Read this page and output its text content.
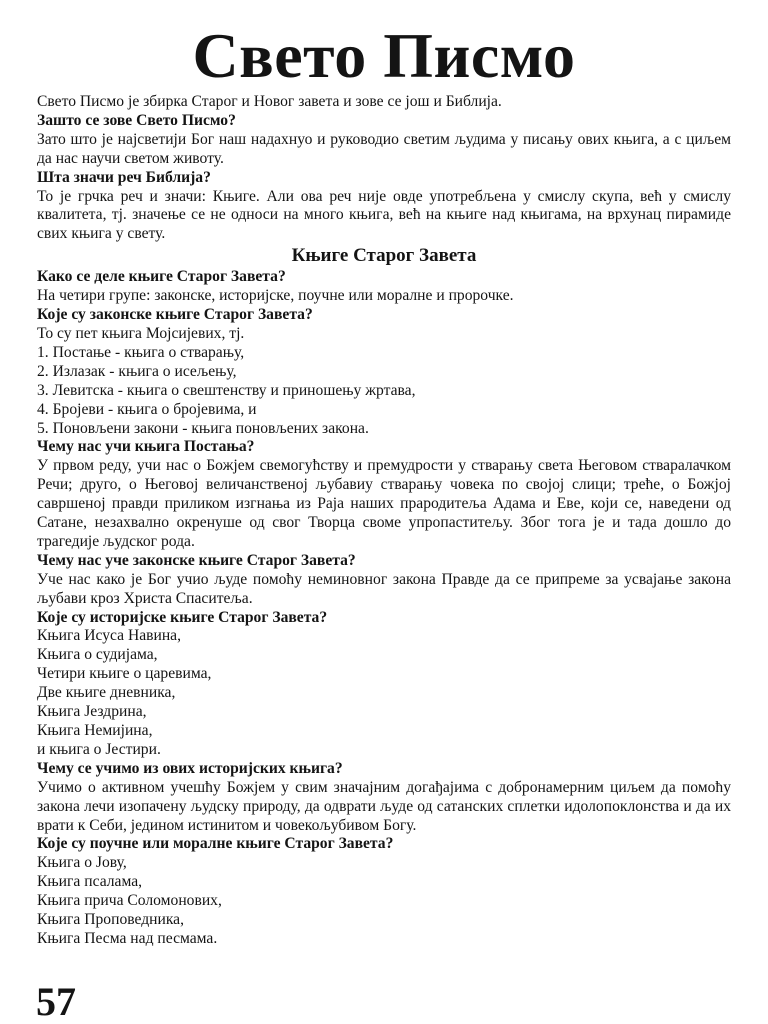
Свето Писмо

Свето Писмо је збирка Старог и Новог завета и зове се још и Библија.

Зашто се зове Свето Писмо?

Зато што је најсветији Бог наш надахнуо и руководио светим људима у писању ових књига, а с циљем да нас научи светом животу.

Шта значи реч Библија?

То је грчка реч и значи: Књиге. Али ова реч није овде употребљена у смислу скупа, већ у смислу квалитета, тј. значење се не односи на много књига, већ на књиге над књигама, на врхунац пирамиде свих књига у свету.

Књиге Старог Завета

Како се деле књиге Старог Завета?

На четири групе: законске, историјске, поучне или моралне и пророчке.

Које су законске књиге Старог Завета?

То су пет књига Мојсијевих, тј.

1. Постање - књига о стварању,

2. Излазак - књига о исељењу,

3. Левитска - књига о свештенству и приношењу жртава,

4. Бројеви - књига о бројевима, и

5. Поновљени закони - књига поновљених закона.

Чему нас учи књига Постања?

У првом реду, учи нас о Божјем свемогућству и премудрости у стварању света Његовом стваралачком Речи; друго, о Његовој величанственој љубавиу стварању човека по својој слици; треће, о Божјој савршеној правди приликом изгнања из Раја наших прародитеља Адама и Еве, који се, наведени од Сатане, незахвално окренуше од свог Творца своме упропаститељу. Због тога је и тада дошло до трагедије људског рода.

Чему нас уче законске књиге Старог Завета?

Уче нас како је Бог учио људе помоћу неминовног закона Правде да се припреме за усвајање закона љубави кроз Христа Спаситеља.

Које су историјске књиге Старог Завета?

Књига Исуса Навина,

Књига о судијама,

Четири књиге о царевима,

Две књиге дневника,

Књига Јездрина,

Књига Немијина,

и књига о Јестири.

Чему се учимо из ових историјских књига?

Учимо о активном учешћу Божјем у свим значајним догађајима с добронамерним циљем да помоћу закона лечи изопачену људску природу, да одврати људе од сатанских сплетки идолопоклонства и да их врати к Себи, једином истинитом и човекољубивом Богу.

Које су поучне или моралне књиге Старог Завета?

Књига о Јову,

Књига псалама,

Књига прича Соломонових,

Књига Проповедника,

Књига Песма над песмама.

57
